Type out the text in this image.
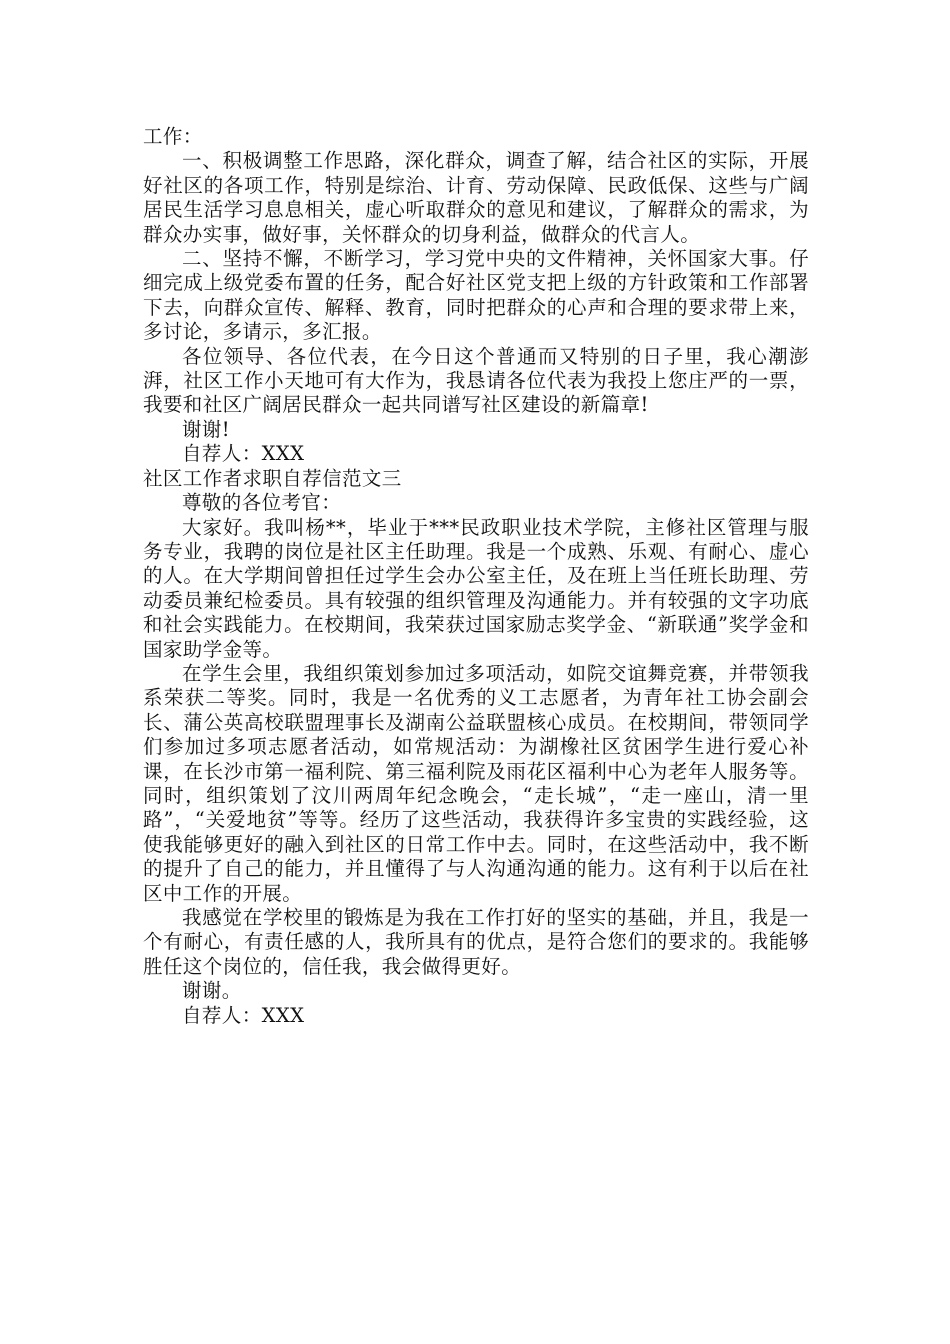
工作：

一、积极调整工作思路，深化群众，调查了解，结合社区的实际，开展好社区的各项工作，特别是综治、计育、劳动保障、民政低保、这些与广阔居民生活学习息息相关，虚心听取群众的意见和建议，了解群众的需求，为群众办实事，做好事，关怀群众的切身利益，做群众的代言人。

二、坚持不懈，不断学习，学习党中央的文件精神，关怀国家大事。仔细完成上级党委布置的任务，配合好社区党支把上级的方针政策和工作部署下去，向群众宣传、解释、教育，同时把群众的心声和合理的要求带上来，多讨论，多请示，多汇报。

各位领导、各位代表，在今日这个普通而又特别的日子里，我心潮澎湃，社区工作小天地可有大作为，我恳请各位代表为我投上您庄严的一票，我要和社区广阔居民群众一起共同谱写社区建设的新篇章!

谢谢!

自荐人：XXX

社区工作者求职自荐信范文三

尊敬的各位考官：

大家好。我叫杨**，毕业于***民政职业技术学院，主修社区管理与服务专业，我聘的岗位是社区主任助理。我是一个成熟、乐观、有耐心、虚心的人。在大学期间曾担任过学生会办公室主任，及在班上当任班长助理、劳动委员兼纪检委员。具有较强的组织管理及沟通能力。并有较强的文字功底和社会实践能力。在校期间，我荣获过国家励志奖学金、“新联通”奖学金和国家助学金等。

在学生会里，我组织策划参加过多项活动，如院交谊舞竞赛，并带领我系荣获二等奖。同时，我是一名优秀的义工志愿者，为青年社工协会副会长、蒲公英高校联盟理事长及湖南公益联盟核心成员。在校期间，带领同学们参加过多项志愿者活动，如常规活动：为湖橡社区贫困学生进行爱心补课，在长沙市第一福利院、第三福利院及雨花区福利中心为老年人服务等。同时，组织策划了汶川两周年纪念晚会，“走长城”，“走一座山，清一里路”，“关爱地贫”等等。经历了这些活动，我获得许多宝贵的实践经验，这使我能够更好的融入到社区的日常工作中去。同时，在这些活动中，我不断的提升了自己的能力，并且懂得了与人沟通沟通的能力。这有利于以后在社区中工作的开展。

我感觉在学校里的锻炼是为我在工作打好的坚实的基础，并且，我是一个有耐心，有责任感的人，我所具有的优点，是符合您们的要求的。我能够胜任这个岗位的，信任我，我会做得更好。

谢谢。

自荐人：XXX
